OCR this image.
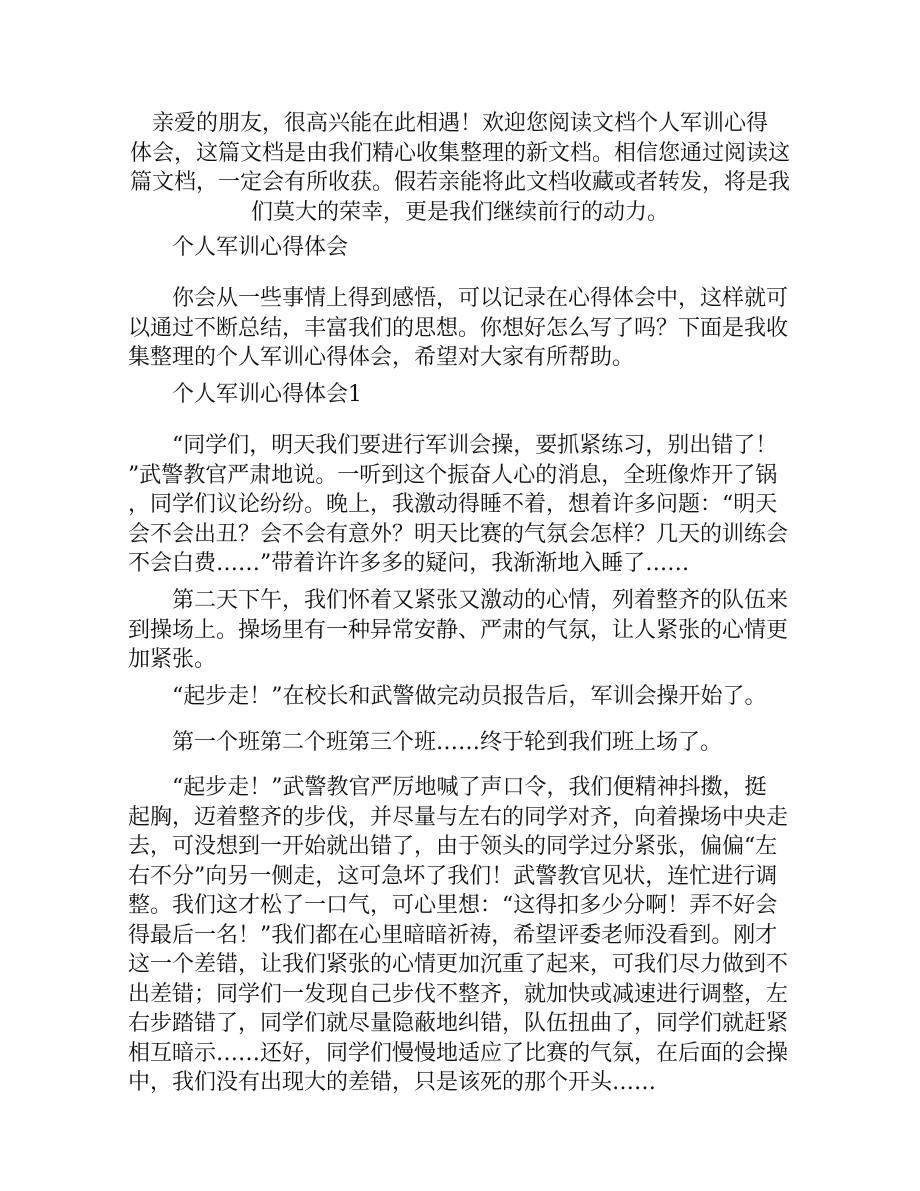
亲爱的朋友，很高兴能在此相遇！欢迎您阅读文档个人军训心得
体会，这篇文档是由我们精心收集整理的新文档。相信您通过阅读这
篇文档，一定会有所收获。假若亲能将此文档收藏或者转发，将是我
们莫大的荣幸，更是我们继续前行的动力。

个人军训心得体会

你会从一些事情上得到感悟，可以记录在心得体会中，这样就可
以通过不断总结，丰富我们的思想。你想好怎么写了吗？下面是我收
集整理的个人军训心得体会，希望对大家有所帮助。

个人军训心得体会1

“同学们，明天我们要进行军训会操，要抓紧练习，别出错了！
”武警教官严肃地说。一听到这个振奋人心的消息，全班像炸开了锅
，同学们议论纷纷。晚上，我激动得睡不着，想着许多问题：“明天
会不会出丑？会不会有意外？明天比赛的气氛会怎样？几天的训练会
不会白费……”带着许许多多的疑问，我渐渐地入睡了……

第二天下午，我们怀着又紧张又激动的心情，列着整齐的队伍来
到操场上。操场里有一种异常安静、严肃的气氛，让人紧张的心情更
加紧张。

“起步走！”在校长和武警做完动员报告后，军训会操开始了。

第一个班第二个班第三个班……终于轮到我们班上场了。

“起步走！”武警教官严厉地喊了声口令，我们便精神抖擞，挺
起胸，迈着整齐的步伐，并尽量与左右的同学对齐，向着操场中央走
去，可没想到一开始就出错了，由于领头的同学过分紧张，偏偏“左
右不分”向另一侧走，这可急坏了我们！武警教官见状，连忙进行调
整。我们这才松了一口气，可心里想：“这得扣多少分啊！弄不好会
得最后一名！”我们都在心里暗暗祈祷，希望评委老师没看到。刚才
这一个差错，让我们紧张的心情更加沉重了起来，可我们尽力做到不
出差错；同学们一发现自己步伐不整齐，就加快或减速进行调整，左
右步踏错了，同学们就尽量隐蔽地纠错，队伍扭曲了，同学们就赶紧
相互暗示……还好，同学们慢慢地适应了比赛的气氛，在后面的会操
中，我们没有出现大的差错，只是该死的那个开头……
